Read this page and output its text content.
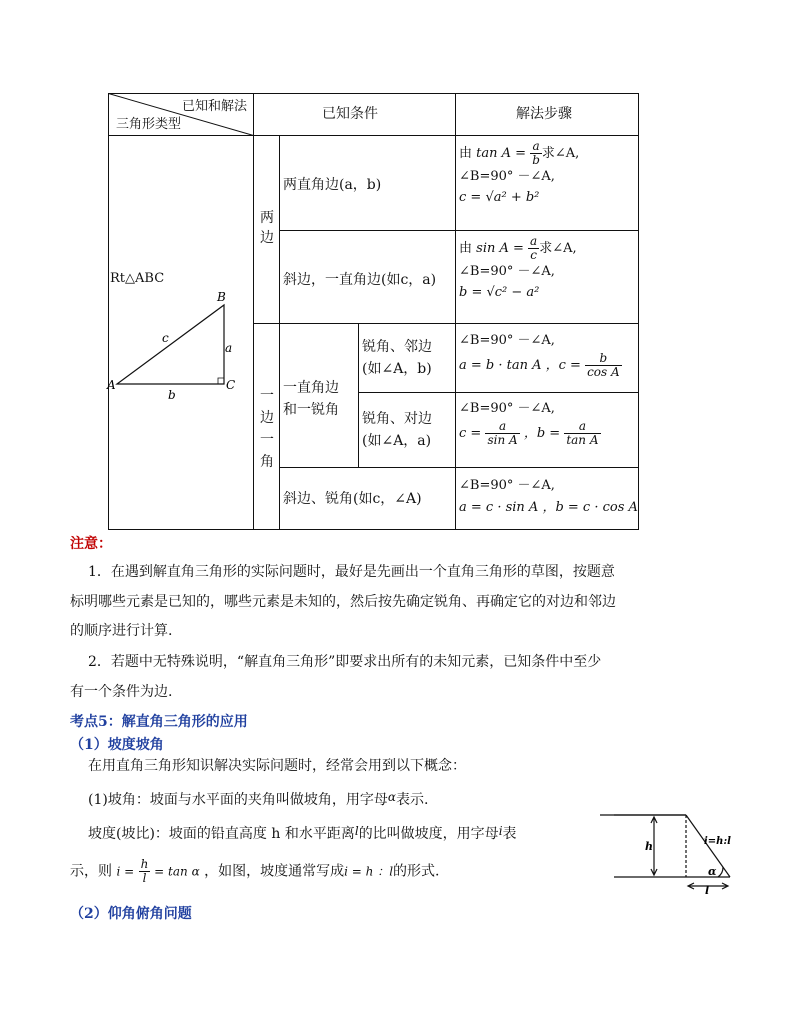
A
B
C
a
b
c
已知和解法
三角形类型
已知条件	解法步骤
Rt△ABC
两
边
一
边
一
角
一直角边
和一锐角
两直角边(a，b)
由 $\tan A = \frac{a}{b}$ 求∠A,
∠B=90° －∠A,
c = √a² + b²
斜边，一直角边(如c，a)
由 $\sin A = \frac{a}{c}$ 求∠A,
∠B=90° －∠A,
b = √c² − a²
锐角、邻边
(如∠A，b)
∠B=90° －∠A,
a = b · tan A ，$c = \frac{b}{\text{cos A}}$
锐角、对边
(如∠A，a)
∠B=90° －∠A,
$c = \frac{a}{\text{sin A}}$ ，$b = \frac{a}{\text{tan A}}$
斜边、锐角(如c，∠A)
∠B=90° －∠A,
a = c · sin A ，b = c · cos A
注意：
1．在遇到解直角三角形的实际问题时，最好是先画出一个直角三角形的草图，按题意
标明哪些元素是已知的，哪些元素是未知的，然后按先确定锐角、再确定它的对边和邻边
的顺序进行计算.
2．若题中无特殊说明，“解直角三角形”即要求出所有的未知元素，已知条件中至少
有一个条件为边.
考点5：解直角三角形的应用
（1）坡度坡角
在用直角三角形知识解决实际问题时，经常会用到以下概念：
(1)坡角：坡面与水平面的夹角叫做坡角，用字母α表示.
坡度(坡比)：坡面的铅直高度 h 和水平距离l的比叫做坡度，用字母i表
示，则 $i = \frac{h}{l} = \tan \alpha$ ，如图，坡度通常写成i = h ：l的形式.
（2）仰角俯角问题
h
l
α
i=h:l
